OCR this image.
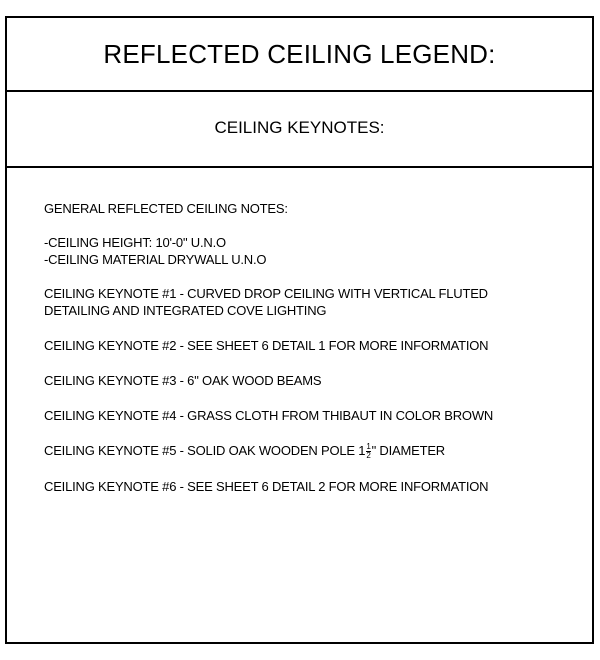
REFLECTED CEILING LEGEND:
CEILING KEYNOTES:
GENERAL REFLECTED CEILING NOTES:
-CEILING HEIGHT: 10'-0" U.N.O
-CEILING MATERIAL DRYWALL U.N.O
CEILING KEYNOTE #1 - CURVED DROP CEILING WITH VERTICAL FLUTED
DETAILING AND INTEGRATED COVE LIGHTING
CEILING KEYNOTE #2 - SEE SHEET 6 DETAIL 1 FOR MORE INFORMATION
CEILING KEYNOTE #3 - 6" OAK WOOD BEAMS
CEILING KEYNOTE #4 - GRASS CLOTH FROM THIBAUT IN COLOR BROWN
CEILING KEYNOTE #5 - SOLID OAK WOODEN POLE $1 \frac{1}{2}$ " DIAMETER
CEILING KEYNOTE #6 - SEE SHEET 6 DETAIL 2 FOR MORE INFORMATION
